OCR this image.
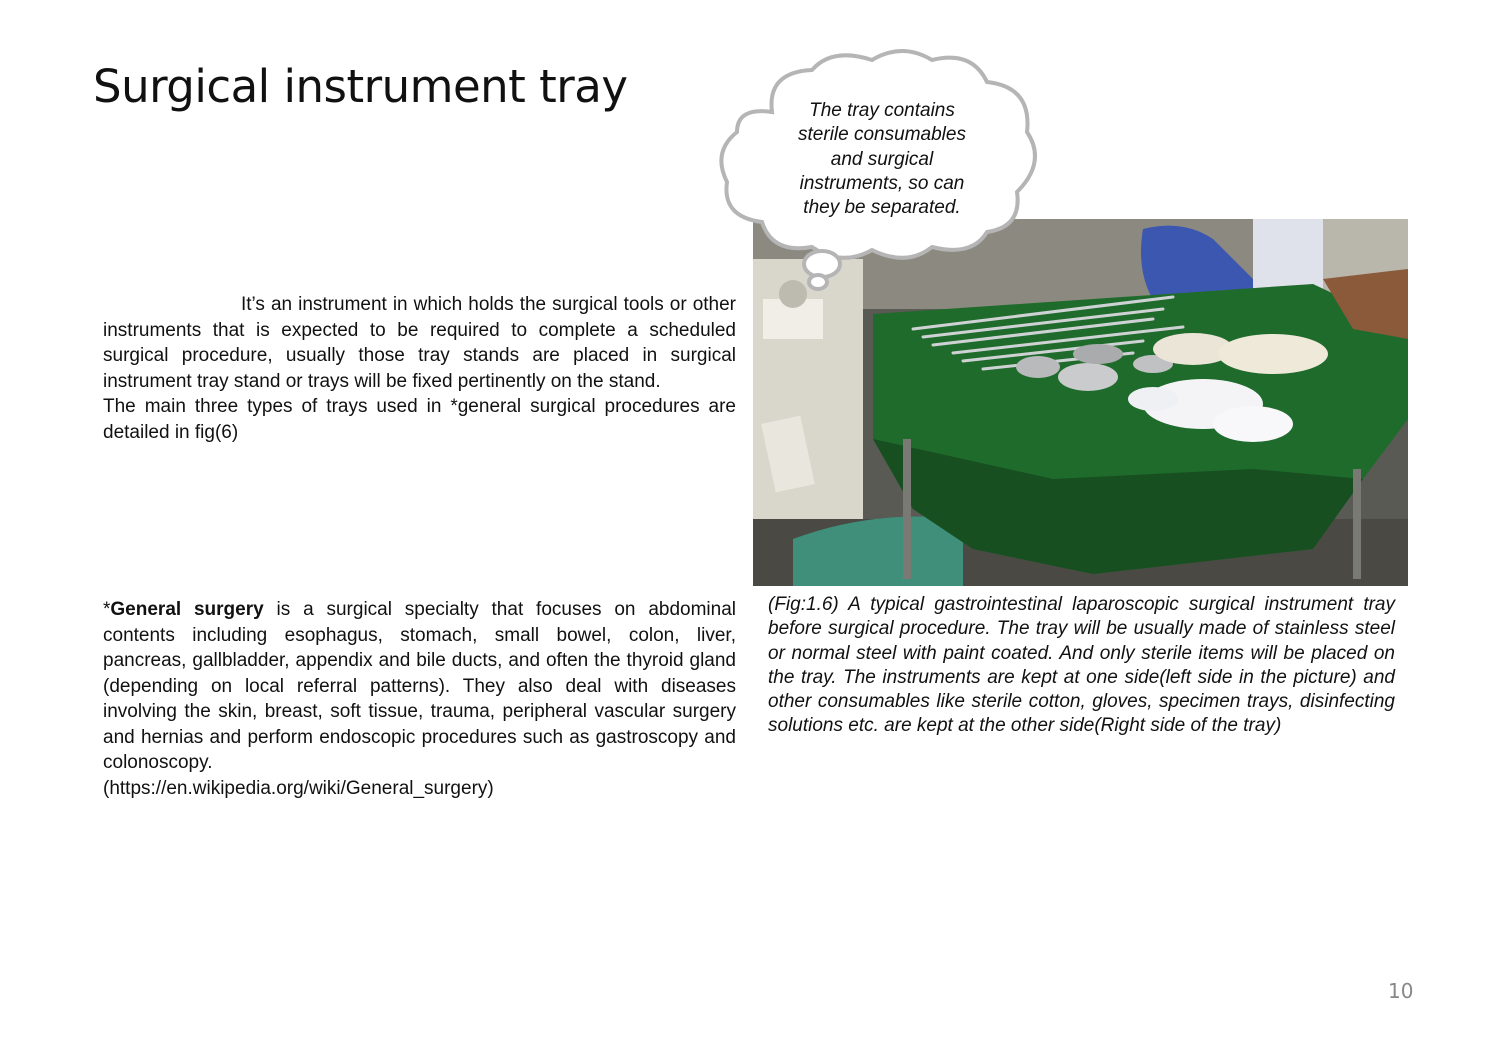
Surgical instrument tray

It’s an instrument in which holds the surgical tools or other instruments that is expected to be required to complete a scheduled surgical procedure, usually those tray stands are placed in surgical instrument tray stand or trays will be fixed pertinently on the stand.

The main three types of trays used in *general surgical procedures are detailed in fig(6)

*General surgery is a surgical specialty that focuses on abdominal contents including esophagus, stomach, small bowel, colon, liver, pancreas, gallbladder, appendix and bile ducts, and often the thyroid gland (depending on local referral patterns). They also deal with diseases involving the skin, breast, soft tissue, trauma, peripheral vascular surgery and hernias and perform endoscopic procedures such as gastroscopy and colonoscopy.

(https://en.wikipedia.org/wiki/General_surgery)

(Fig:1.6) A typical gastrointestinal laparoscopic surgical instrument tray before surgical procedure. The tray will be usually made of stainless steel or normal steel with paint coated. And only sterile items will be placed on the tray. The instruments are kept at one side(left side in the picture) and other consumables like sterile cotton, gloves, specimen trays, disinfecting solutions etc. are kept at the other side(Right side of the tray)

The tray contains sterile consumables and surgical instruments, so can they be separated.

10
